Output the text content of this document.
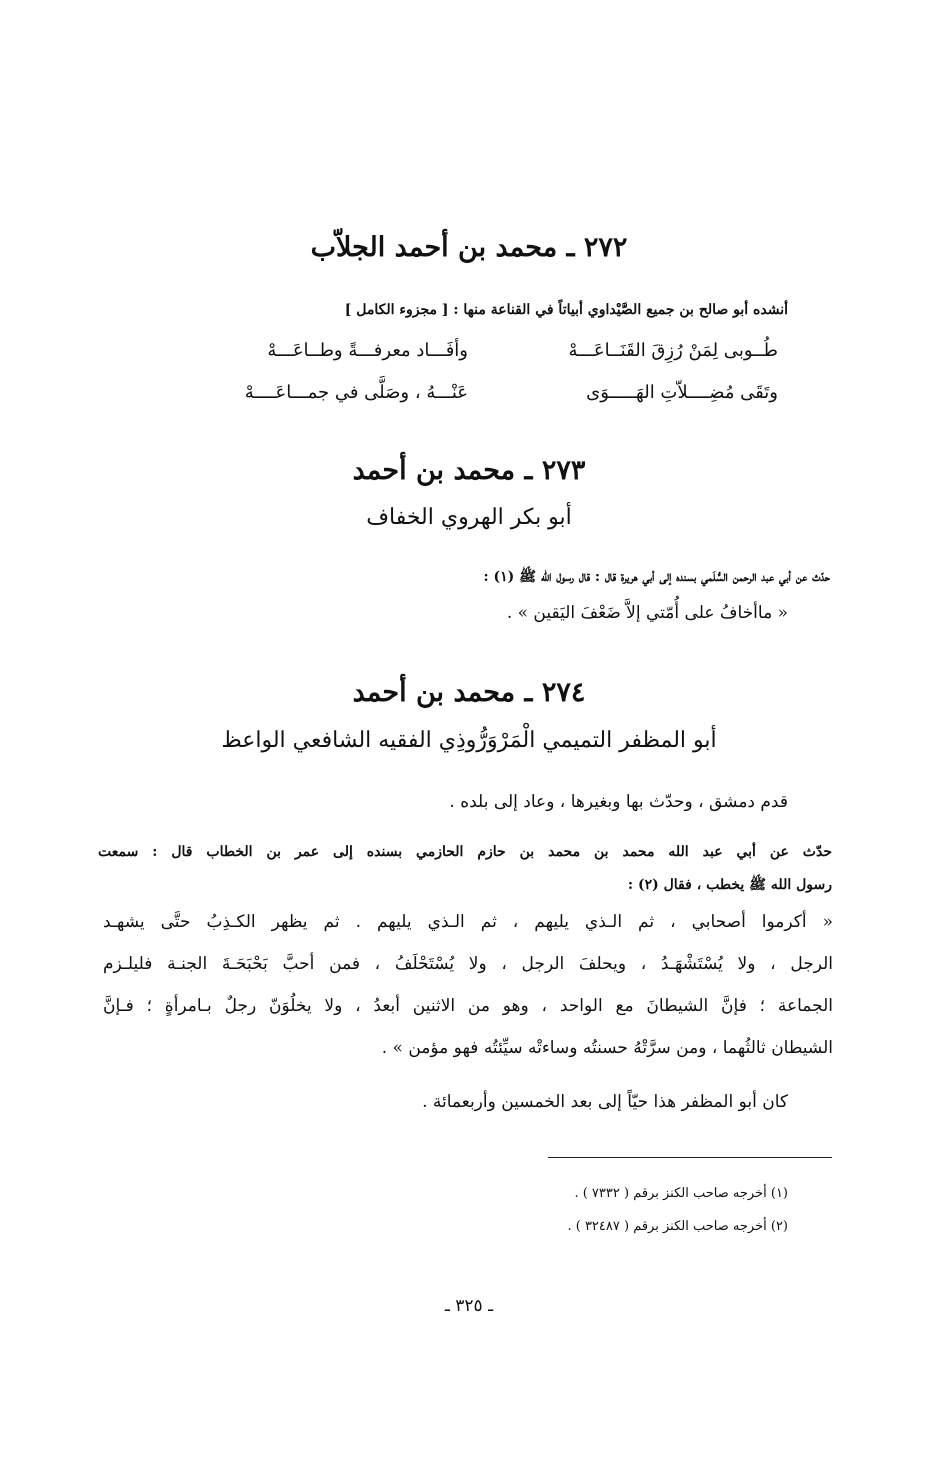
٢٧٢ ـ محمد بن أحمد الجلاّب
أنشده أبو صالح بن جميع الصَّيْداوي أبياتاً في القناعة منها : [ مجزوء الكامل ]
طُــوبى لِمَنْ رُزِقَ القَنَــاعَـــهْ
وأفَـــاد معرفـــةً وطــاعَـــهْ
وتَقَى مُضِــــلاّتِ الهَـــــوَى
عَنْـــهُ ، وصَلَّى في جمـــاعَــــهْ
٢٧٣ ـ محمد بن أحمد
أبو بكر الهروي الخفاف
حدّث عن أبي عبد الرحمن السُّلَمي بسنده إلى أبي هريرة قال : قال رسول الله ﷺ (١) :
« ماأخافُ على أُمّتي إلاَّ ضَعْفَ اليَقين » .
٢٧٤ ـ محمد بن أحمد
أبو المظفر التميمي الْمَرْوَرُّوذِي الفقيه الشافعي الواعظ
قدم دمشق ، وحدّث بها وبغيرها ، وعاد إلى بلده .
حدّث عن أبي عبد الله محمد بن محمد بن حازم الحازمي بسنده إلى عمر بن الخطاب قال : سمعت
رسول الله ﷺ يخطب ، فقال (٢) :
« أكرموا أصحابي ، ثم الـذي يليهم ، ثم الـذي يليهم . ثم يظهر الكـذِبُ حتَّى يشهـد
الرجل ، ولا يُسْتَشْهَـدُ ، ويحلفَ الرجل ، ولا يُسْتَحْلَفُ ، فمن أحبَّ بَحْبَحَـةَ الجنـة فليلـزم
الجماعة ؛ فإنَّ الشيطانَ مع الواحد ، وهو من الاثنين أبعدُ ، ولا يخلُوَنّ رجلٌ بـامرأةٍ ؛ فـإنَّ
الشيطان ثالثُهما ، ومن سرَّتْهُ حسنتُه وساءتْه سيِّئتُه فهو مؤمن » .
كان أبو المظفر هذا حيّاً إلى بعد الخمسين وأربعمائة .
(١) أخرجه صاحب الكنز برقم ( ٧٣٣٢ ) .
(٢) أخرجه صاحب الكنز برقم ( ٣٢٤٨٧ ) .
ـ ٣٢٥ ـ
